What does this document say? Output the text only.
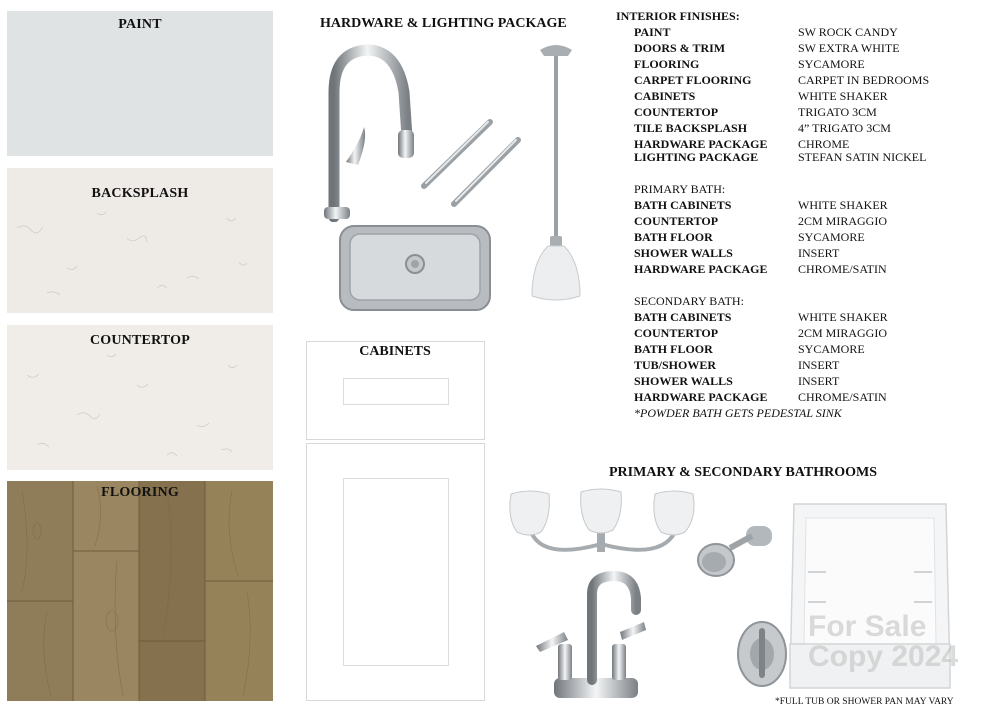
PAINT
BACKSPLASH
COUNTERTOP
FLOORING
HARDWARE & LIGHTING PACKAGE
CABINETS
INTERIOR FINISHES:
PAINT	SW ROCK CANDY
DOORS & TRIM	SW EXTRA WHITE
FLOORING	SYCAMORE
CARPET FLOORING	CARPET IN BEDROOMS
CABINETS	WHITE SHAKER
COUNTERTOP	TRIGATO 3CM
TILE BACKSPLASH	4” TRIGATO 3CM
HARDWARE PACKAGE	CHROME
LIGHTING PACKAGE	STEFAN SATIN NICKEL
PRIMARY BATH:
BATH CABINETS	WHITE SHAKER
COUNTERTOP	2CM MIRAGGIO
BATH FLOOR	SYCAMORE
SHOWER WALLS	INSERT
HARDWARE PACKAGE	CHROME/SATIN
SECONDARY BATH:
BATH CABINETS	WHITE SHAKER
COUNTERTOP	2CM MIRAGGIO
BATH FLOOR	SYCAMORE
TUB/SHOWER	INSERT
SHOWER WALLS	INSERT
HARDWARE PACKAGE	CHROME/SATIN
*POWDER BATH GETS PEDESTAL SINK
PRIMARY & SECONDARY BATHROOMS
For Sale
Copy 2024
*FULL TUB OR SHOWER PAN MAY VARY
